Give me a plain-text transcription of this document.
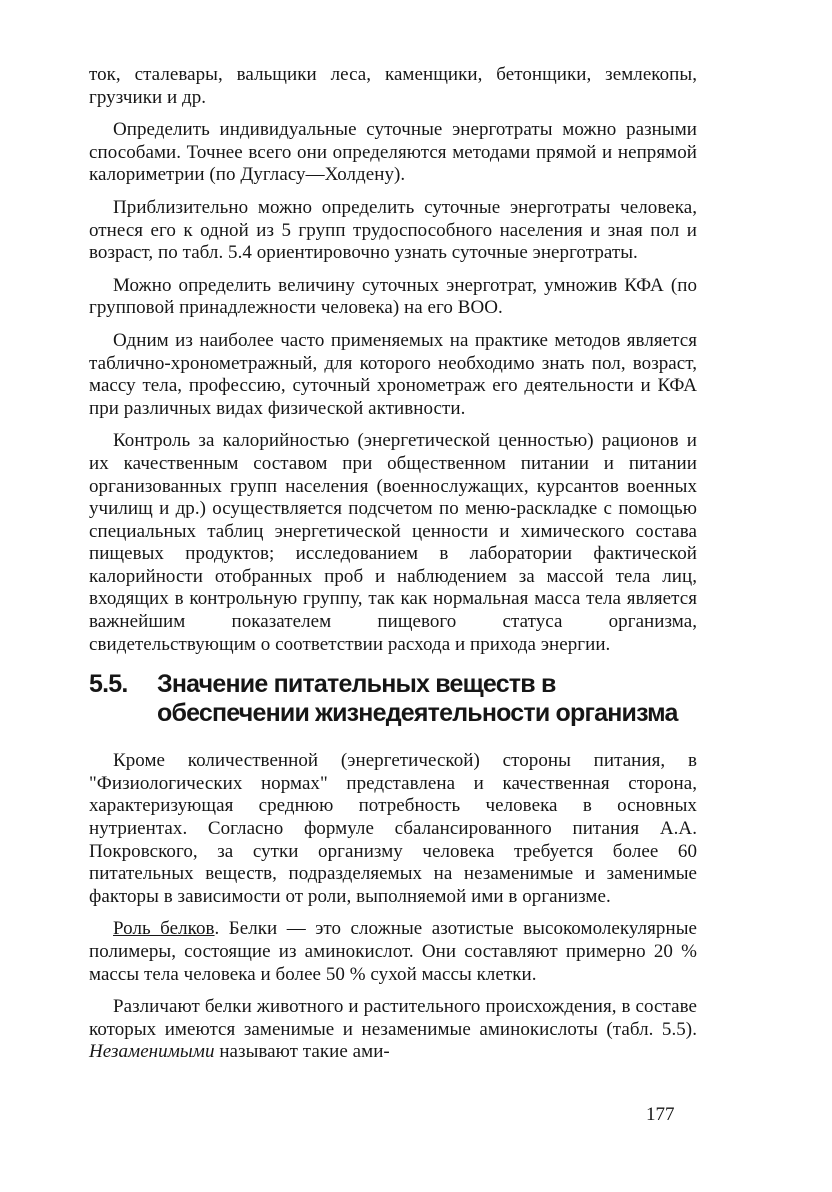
ток, сталевары, вальщики леса, каменщики, бетонщики, землекопы, грузчики и др.

Определить индивидуальные суточные энерготраты можно разными способами. Точнее всего они определяются методами прямой и непрямой калориметрии (по Дугласу—Холдену).

Приблизительно можно определить суточные энерготраты человека, отнеся его к одной из 5 групп трудоспособного населения и зная пол и возраст, по табл. 5.4 ориентировочно узнать суточные энерготраты.

Можно определить величину суточных энерготрат, умножив КФА (по групповой принадлежности человека) на его ВОО.

Одним из наиболее часто применяемых на практике методов является таблично-хронометражный, для которого необходимо знать пол, возраст, массу тела, профессию, суточный хронометраж его деятельности и КФА при различных видах физической активности.

Контроль за калорийностью (энергетической ценностью) рационов и их качественным составом при общественном питании и питании организованных групп населения (военнослужащих, курсантов военных училищ и др.) осуществляется подсчетом по меню-раскладке с помощью специальных таблиц энергетической ценности и химического состава пищевых продуктов; исследованием в лаборатории фактической калорийности отобранных проб и наблюдением за массой тела лиц, входящих в контрольную группу, так как нормальная масса тела является важнейшим показателем пищевого статуса организма, свидетельствующим о соответствии расхода и прихода энергии.

5.5.	Значение питательных веществ в обеспечении жизнедеятельности организма

Кроме количественной (энергетической) стороны питания, в "Физиологических нормах" представлена и качественная сторона, характеризующая среднюю потребность человека в основных нутриентах. Согласно формуле сбалансированного питания А.А. Покровского, за сутки организму человека требуется более 60 питательных веществ, подразделяемых на незаменимые и заменимые факторы в зависимости от роли, выполняемой ими в организме.

Роль белков. Белки — это сложные азотистые высокомолекулярные полимеры, состоящие из аминокислот. Они составляют примерно 20 % массы тела человека и более 50 % сухой массы клетки.

Различают белки животного и растительного происхождения, в составе которых имеются заменимые и незаменимые аминокислоты (табл. 5.5). Незаменимыми называют такие ами-

177
